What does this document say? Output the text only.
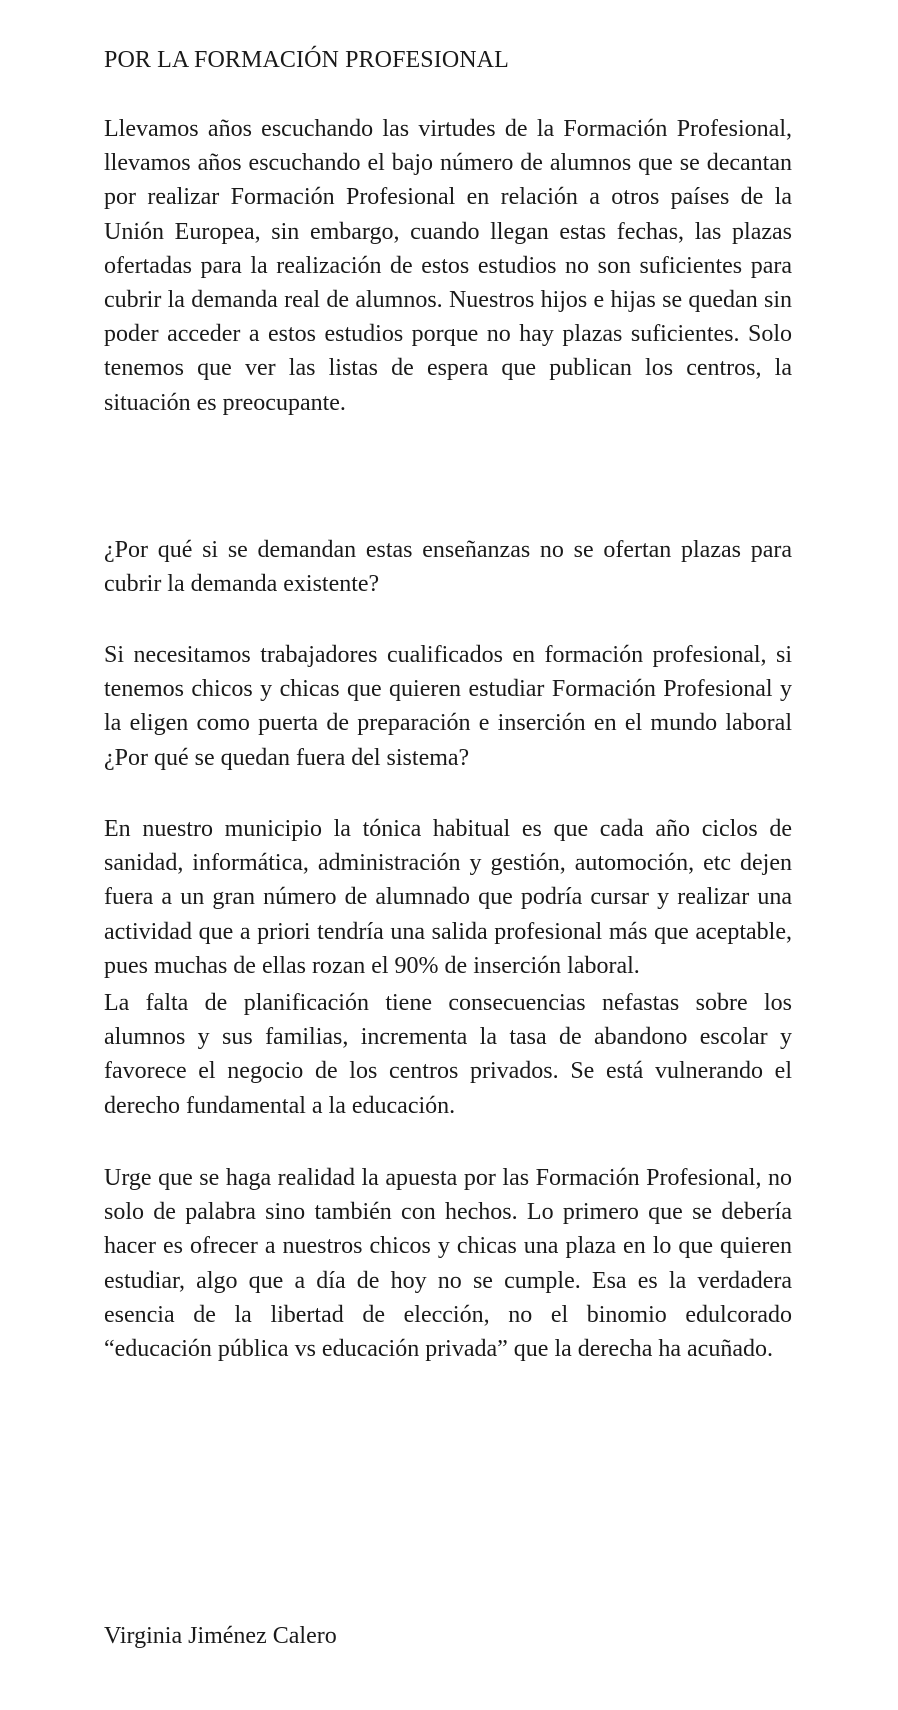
POR LA FORMACIÓN PROFESIONAL

Llevamos años escuchando las virtudes de la Formación Profesional, llevamos años escuchando el bajo número de alumnos que se decantan por realizar Formación Profesional en relación a otros países de la Unión Europea, sin embargo, cuando llegan estas fechas, las plazas ofertadas para la realización de estos estudios no son suficientes para cubrir la demanda real de alumnos. Nuestros hijos e hijas se quedan sin poder acceder a estos estudios porque no hay plazas suficientes. Solo tenemos que ver las listas de espera que publican los centros, la situación es preocupante.

¿Por qué si se demandan estas enseñanzas no se ofertan plazas para cubrir la demanda existente?

Si necesitamos trabajadores cualificados en formación profesional, si tenemos chicos y chicas que quieren estudiar Formación Profesional y la eligen como puerta de preparación e inserción en el mundo laboral ¿Por qué se quedan fuera del sistema?

En nuestro municipio la tónica habitual es que cada año ciclos de sanidad, informática, administración y gestión, automoción, etc dejen fuera a un gran número de alumnado que podría cursar y realizar una actividad que a priori tendría una salida profesional más que aceptable, pues muchas de ellas rozan el 90% de inserción laboral.

La falta de planificación tiene consecuencias nefastas sobre los alumnos y sus familias, incrementa la tasa de abandono escolar y favorece el negocio de los centros privados. Se está vulnerando el derecho fundamental a la educación.

Urge que se haga realidad la apuesta por las Formación Profesional, no solo de palabra sino también con hechos. Lo primero que se debería hacer es ofrecer a nuestros chicos y chicas una plaza en lo que quieren estudiar, algo que a día de hoy no se cumple. Esa es la verdadera esencia de la libertad de elección, no el binomio edulcorado “educación pública vs educación privada” que la derecha ha acuñado.

Virginia Jiménez Calero
